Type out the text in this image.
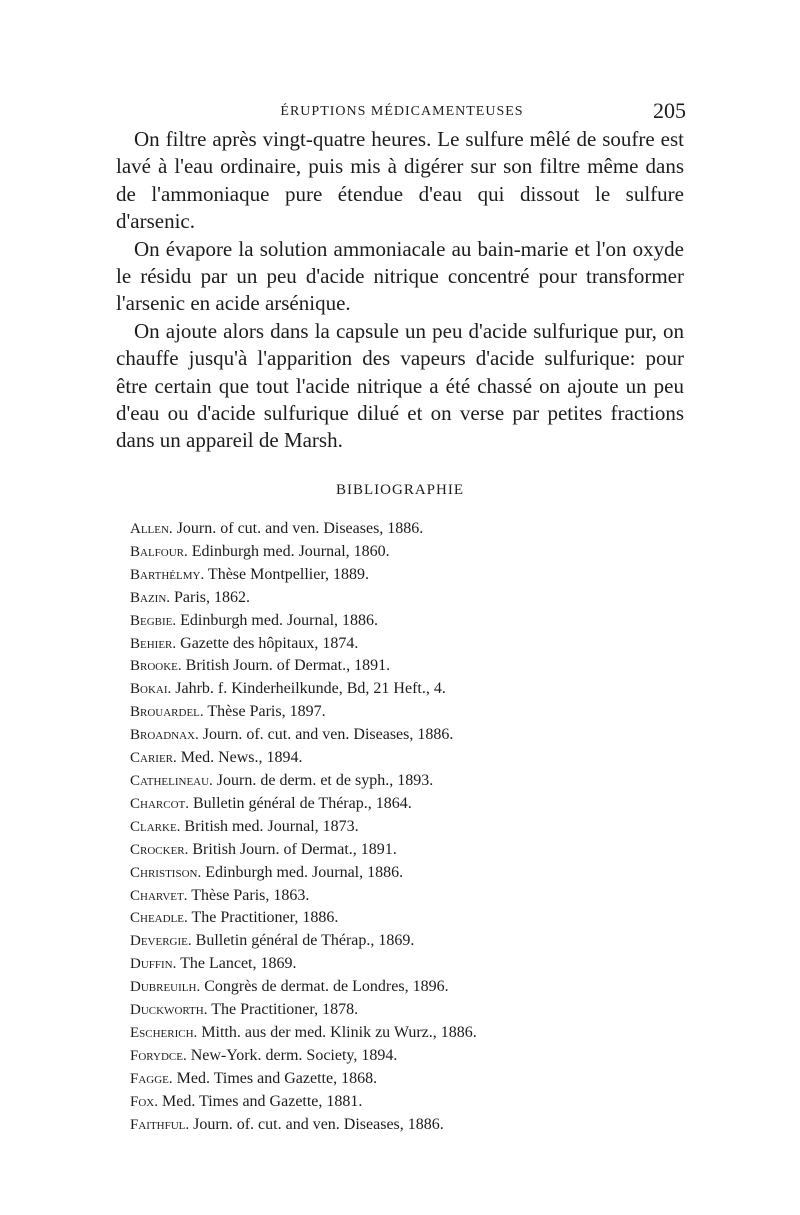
ÉRUPTIONS MÉDICAMENTEUSES	205

On filtre après vingt-quatre heures. Le sulfure mêlé de soufre est lavé à l'eau ordinaire, puis mis à digérer sur son filtre même dans de l'ammoniaque pure étendue d'eau qui dissout le sulfure d'arsenic.

On évapore la solution ammoniacale au bain-marie et l'on oxyde le résidu par un peu d'acide nitrique concentré pour transformer l'arsenic en acide arsénique.

On ajoute alors dans la capsule un peu d'acide sulfurique pur, on chauffe jusqu'à l'apparition des vapeurs d'acide sulfurique: pour être certain que tout l'acide nitrique a été chassé on ajoute un peu d'eau ou d'acide sulfurique dilué et on verse par petites fractions dans un appareil de Marsh.

BIBLIOGRAPHIE
Allen. Journ. of cut. and ven. Diseases, 1886.
Balfour. Edinburgh med. Journal, 1860.
Barthélmy. Thèse Montpellier, 1889.
Bazin. Paris, 1862.
Begbie. Edinburgh med. Journal, 1886.
Behier. Gazette des hôpitaux, 1874.
Brooke. British Journ. of Dermat., 1891.
Bokai. Jahrb. f. Kinderheilkunde, Bd, 21 Heft., 4.
Brouardel. Thèse Paris, 1897.
Broadnax. Journ. of. cut. and ven. Diseases, 1886.
Carier. Med. News., 1894.
Cathelineau. Journ. de derm. et de syph., 1893.
Charcot. Bulletin général de Thérap., 1864.
Clarke. British med. Journal, 1873.
Crocker. British Journ. of Dermat., 1891.
Christison. Edinburgh med. Journal, 1886.
Charvet. Thèse Paris, 1863.
Cheadle. The Practitioner, 1886.
Devergie. Bulletin général de Thérap., 1869.
Duffin. The Lancet, 1869.
Dubreuilh. Congrès de dermat. de Londres, 1896.
Duckworth. The Practitioner, 1878.
Escherich. Mitth. aus der med. Klinik zu Wurz., 1886.
Forydce. New-York. derm. Society, 1894.
Fagge. Med. Times and Gazette, 1868.
Fox. Med. Times and Gazette, 1881.
Faithful. Journ. of. cut. and ven. Diseases, 1886.
